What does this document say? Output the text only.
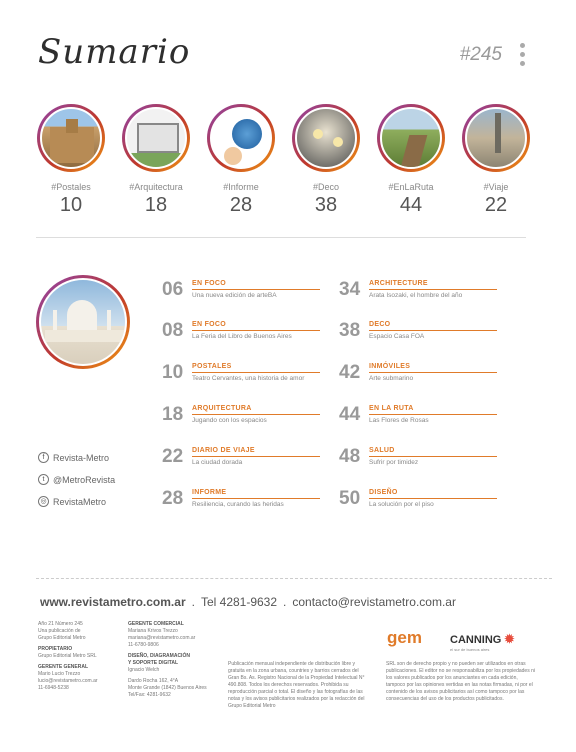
Sumario	#245
#Postales
10
#Arquitectura
18
#Informe
28
#Deco
38
#EnLaRuta
44
#Viaje
22
06 EN FOCO
Una nueva edición de arteBA
08 EN FOCO
La Feria del Libro de Buenos Aires
10 POSTALES
Teatro Cervantes, una historia de amor
18 ARQUITECTURA
Jugando con los espacios
22 DIARIO DE VIAJE
La ciudad dorada
28 INFORME
Resiliencia, curando las heridas
34 ARCHITECTURE
Arata Isozaki, el hombre del año
38 DECO
Espacio Casa FOA
42 INMÓVILES
Arte submarino
44 EN LA RUTA
Las Flores de Rosas
48 SALUD
Sufrir por timidez
50 DISEÑO
La solución por el piso
f Revista-Metro
t @MetroRevista
◎ RevistaMetro
www.revistametro.com.ar . Tel 4281-9632 . contacto@revistametro.com.ar

Año 21 Número 245
Una publicación de
Grupo Editorial Metro

PROPIETARIO
Grupo Editorial Metro SRL

GERENTE GENERAL
Mario Lucio Trezzo
lucio@revistametro.com.ar
11-6948-5238

GERENTE COMERCIAL
Mariana Krivos Trezzo
mariana@revistametro.com.ar
11-6780-9806

DISEÑO, DIAGRAMACIÓN
Y SOPORTE DIGITAL
Ignacio Welch

Dardo Rocha 162, 4°A
Monte Grande (1842) Buenos Aires
Tel/Fax: 4281-9632

Publicación mensual independiente de distribución libre y gratuita en la zona urbana, countries y barrios cerrados del Gran Bs. As. Registro Nacional de la Propiedad Intelectual N° 490.808. Todos los derechos reservados. Prohibida su reproducción parcial o total. El diseño y las fotografías de las notas y los avisos publicitarios realizados por la redacción del Grupo Editorial Metro
SRL son de derecho propio y no pueden ser utilizados en otras publicaciones. El editor no se responsabiliza por los propiedades ni los valores publicados por los anunciantes en cada edición, tampoco por las opiniones vertidas en las notas firmadas, ni por el contenido de los avisos publicitarios así como tampoco por las consecuencias del uso de los productos publicitados.
gem	CANNING ✹
el sur de buenos aires
